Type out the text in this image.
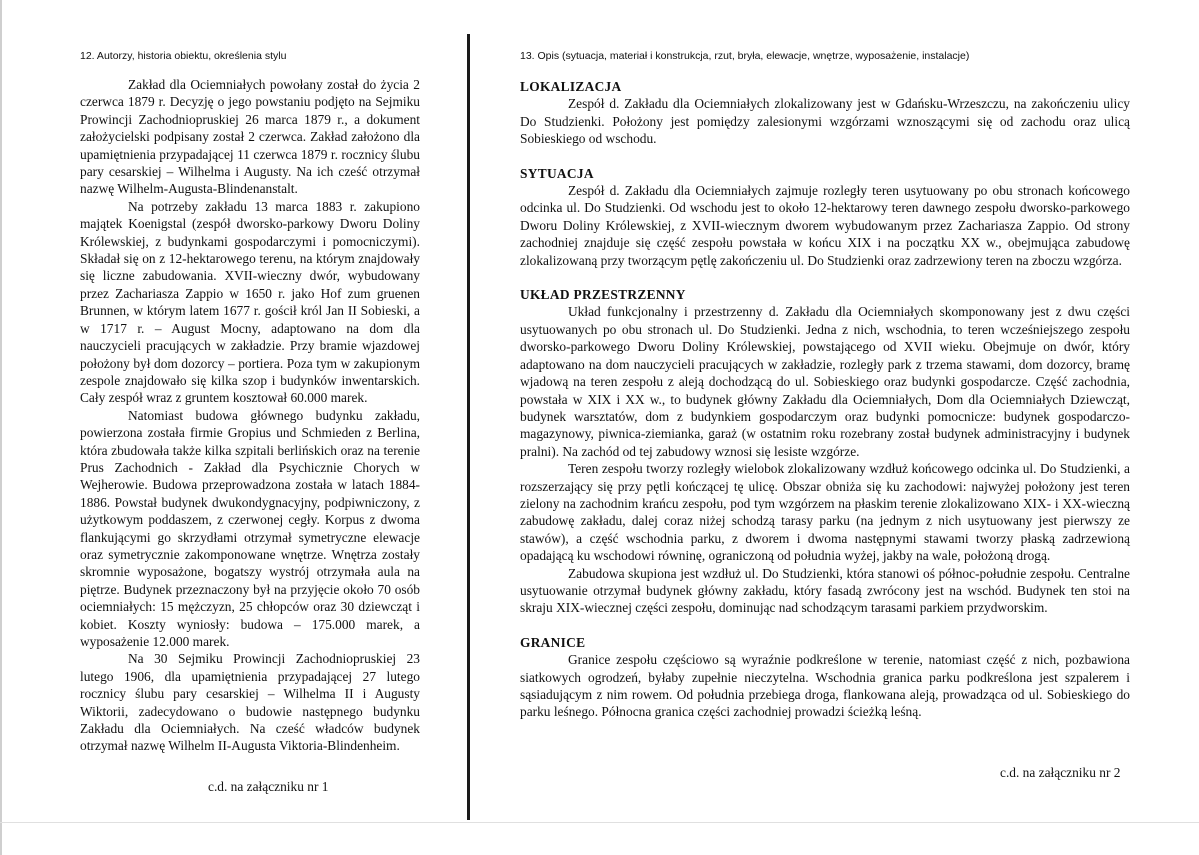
12. Autorzy, historia obiektu, określenia stylu

Zakład dla Ociemniałych powołany został do życia 2 czerwca 1879 r. Decyzję o jego powstaniu podjęto na Sejmiku Prowincji Zachodniopruskiej 26 marca 1879 r., a dokument założycielski podpisany został 2 czerwca. Zakład założono dla upamiętnienia przypadającej 11 czerwca 1879 r. rocznicy ślubu pary cesarskiej – Wilhelma i Augusty. Na ich cześć otrzymał nazwę Wilhelm-Augusta-Blindenanstalt.

Na potrzeby zakładu 13 marca 1883 r. zakupiono majątek Koenigstal (zespół dworsko-parkowy Dworu Doliny Królewskiej, z budynkami gospodarczymi i pomocniczymi). Składał się on z 12-hektarowego terenu, na którym znajdowały się liczne zabudowania. XVII-wieczny dwór, wybudowany przez Zachariasza Zappio w 1650 r. jako Hof zum gruenen Brunnen, w którym latem 1677 r. gościł król Jan II Sobieski, a w 1717 r. – August Mocny, adaptowano na dom dla nauczycieli pracujących w zakładzie. Przy bramie wjazdowej położony był dom dozorcy – portiera. Poza tym w zakupionym zespole znajdowało się kilka szop i budynków inwentarskich. Cały zespół wraz z gruntem kosztował 60.000 marek.

Natomiast budowa głównego budynku zakładu, powierzona została firmie Gropius und Schmieden z Berlina, która zbudowała także kilka szpitali berlińskich oraz na terenie Prus Zachodnich - Zakład dla Psychicznie Chorych w Wejherowie. Budowa przeprowadzona została w latach 1884-1886. Powstał budynek dwukondygnacyjny, podpiwniczony, z użytkowym poddaszem, z czerwonej cegły. Korpus z dwoma flankującymi go skrzydłami otrzymał symetryczne elewacje oraz symetrycznie zakomponowane wnętrze. Wnętrza zostały skromnie wyposażone, bogatszy wystrój otrzymała aula na piętrze. Budynek przeznaczony był na przyjęcie około 70 osób ociemniałych: 15 mężczyzn, 25 chłopców oraz 30 dziewcząt i kobiet. Koszty wyniosły: budowa – 175.000 marek, a wyposażenie 12.000 marek.

Na 30 Sejmiku Prowincji Zachodniopruskiej 23 lutego 1906, dla upamiętnienia przypadającej 27 lutego rocznicy ślubu pary cesarskiej – Wilhelma II i Augusty Wiktorii, zadecydowano o budowie następnego budynku Zakładu dla Ociemniałych. Na cześć władców budynek otrzymał nazwę Wilhelm II-Augusta Viktoria-Blindenheim.

c.d. na załączniku nr 1
13. Opis (sytuacja, materiał i konstrukcja, rzut, bryła, elewacje, wnętrze, wyposażenie, instalacje)

LOKALIZACJA

Zespół d. Zakładu dla Ociemniałych zlokalizowany jest w Gdańsku-Wrzeszczu, na zakończeniu ulicy Do Studzienki. Położony jest pomiędzy zalesionymi wzgórzami wznoszącymi się od zachodu oraz ulicą Sobieskiego od wschodu.

SYTUACJA

Zespół d. Zakładu dla Ociemniałych zajmuje rozległy teren usytuowany po obu stronach końcowego odcinka ul. Do Studzienki. Od wschodu jest to około 12-hektarowy teren dawnego zespołu dworsko-parkowego Dworu Doliny Królewskiej, z XVII-wiecznym dworem wybudowanym przez Zachariasza Zappio. Od strony zachodniej znajduje się część zespołu powstała w końcu XIX i na początku XX w., obejmująca zabudowę zlokalizowaną przy tworzącym pętlę zakończeniu ul. Do Studzienki oraz zadrzewiony teren na zboczu wzgórza.

UKŁAD PRZESTRZENNY

Układ funkcjonalny i przestrzenny d. Zakładu dla Ociemniałych skomponowany jest z dwu części usytuowanych po obu stronach ul. Do Studzienki. Jedna z nich, wschodnia, to teren wcześniejszego zespołu dworsko-parkowego Dworu Doliny Królewskiej, powstającego od XVII wieku. Obejmuje on dwór, który adaptowano na dom nauczycieli pracujących w zakładzie, rozległy park z trzema stawami, dom dozorcy, bramę wjadową na teren zespołu z aleją dochodzącą do ul. Sobieskiego oraz budynki gospodarcze. Część zachodnia, powstała w XIX i XX w., to budynek główny Zakładu dla Ociemniałych, Dom dla Ociemniałych Dziewcząt, budynek warsztatów, dom z budynkiem gospodarczym oraz budynki pomocnicze: budynek gospodarczo-magazynowy, piwnica-ziemianka, garaż (w ostatnim roku rozebrany został budynek administracyjny i budynek pralni). Na zachód od tej zabudowy wznosi się lesiste wzgórze.

Teren zespołu tworzy rozległy wielobok zlokalizowany wzdłuż końcowego odcinka ul. Do Studzienki, a rozszerzający się przy pętli kończącej tę ulicę. Obszar obniża się ku zachodowi: najwyżej położony jest teren zielony na zachodnim krańcu zespołu, pod tym wzgórzem na płaskim terenie zlokalizowano XIX- i XX-wieczną zabudowę zakładu, dalej coraz niżej schodzą tarasy parku (na jednym z nich usytuowany jest pierwszy ze stawów), a część wschodnia parku, z dworem i dwoma następnymi stawami tworzy płaską zadrzewioną opadającą ku wschodowi równinę, ograniczoną od południa wyżej, jakby na wale, położoną drogą.

Zabudowa skupiona jest wzdłuż ul. Do Studzienki, która stanowi oś północ-południe zespołu. Centralne usytuowanie otrzymał budynek główny zakładu, który fasadą zwrócony jest na wschód. Budynek ten stoi na skraju XIX-wiecznej części zespołu, dominując nad schodzącym tarasami parkiem przydworskim.

GRANICE

Granice zespołu częściowo są wyraźnie podkreślone w terenie, natomiast część z nich, pozbawiona siatkowych ogrodzeń, byłaby zupełnie nieczytelna. Wschodnia granica parku podkreślona jest szpalerem i sąsiadującym z nim rowem. Od południa przebiega droga, flankowana aleją, prowadząca od ul. Sobieskiego do parku leśnego. Północna granica części zachodniej prowadzi ścieżką leśną.

c.d. na załączniku nr 2
